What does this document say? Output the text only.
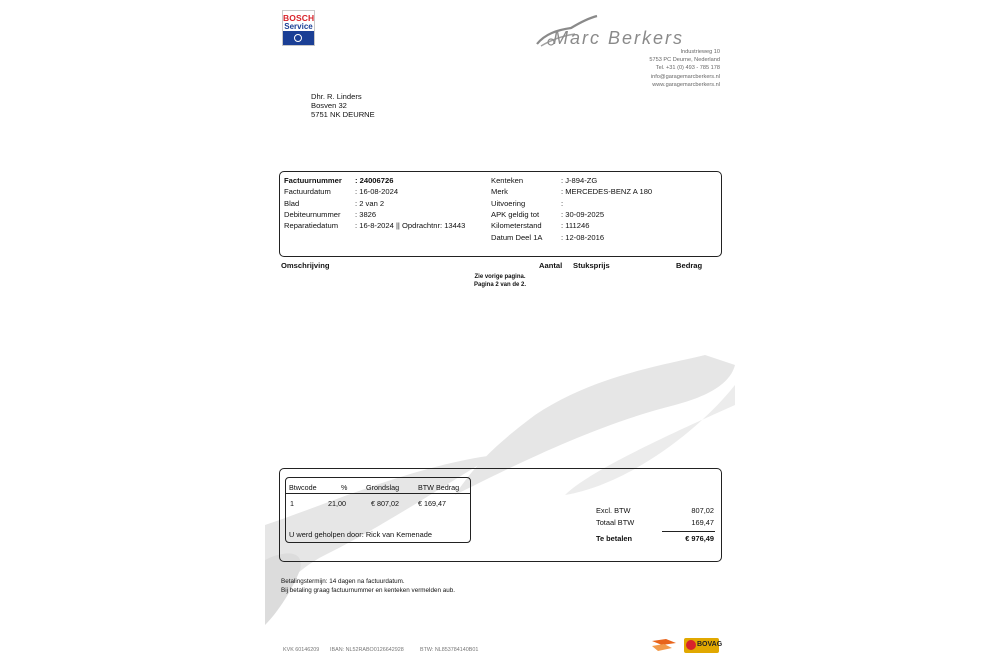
BOSCH
Service
Marc Berkers
Industrieweg 10
5753 PC Deurne, Nederland
Tel. +31 (0) 493 - 785 178
info@garagemarcberkers.nl
www.garagemarcberkers.nl
Dhr. R. Linders
Bosven 32
5751 NK DEURNE
Factuurnummer : 24006726
Factuurdatum	: 16-08-2024
Blad	: 2 van 2
Debiteurnummer : 3826
Reparatiedatum : 16-8-2024 || Opdrachtnr: 13443
Kenteken	: J-894-ZG
Merk	: MERCEDES-BENZ A 180
Uitvoering	:
APK geldig tot	: 30-09-2025
Kilometerstand	: 111246
Datum Deel 1A : 12-08-2016
Omschrijving	Aantal Stuksprijs	Bedrag
Zie vorige pagina.
Pagina 2 van de 2.
Btwcode	%	Grondslag	BTW Bedrag
1	21,00	€ 807,02	€ 169,47
U werd geholpen door: Rick van Kemenade
Excl. BTW	807,02
Totaal BTW	169,47
Te betalen	€ 976,49
Betalingstermijn: 14 dagen na factuurdatum.
Bij betaling graag factuurnummer en kenteken vermelden aub.
KVK 60146209 IBAN: NL52RABO0126642928	BTW: NL853784140B01
BOVAG
